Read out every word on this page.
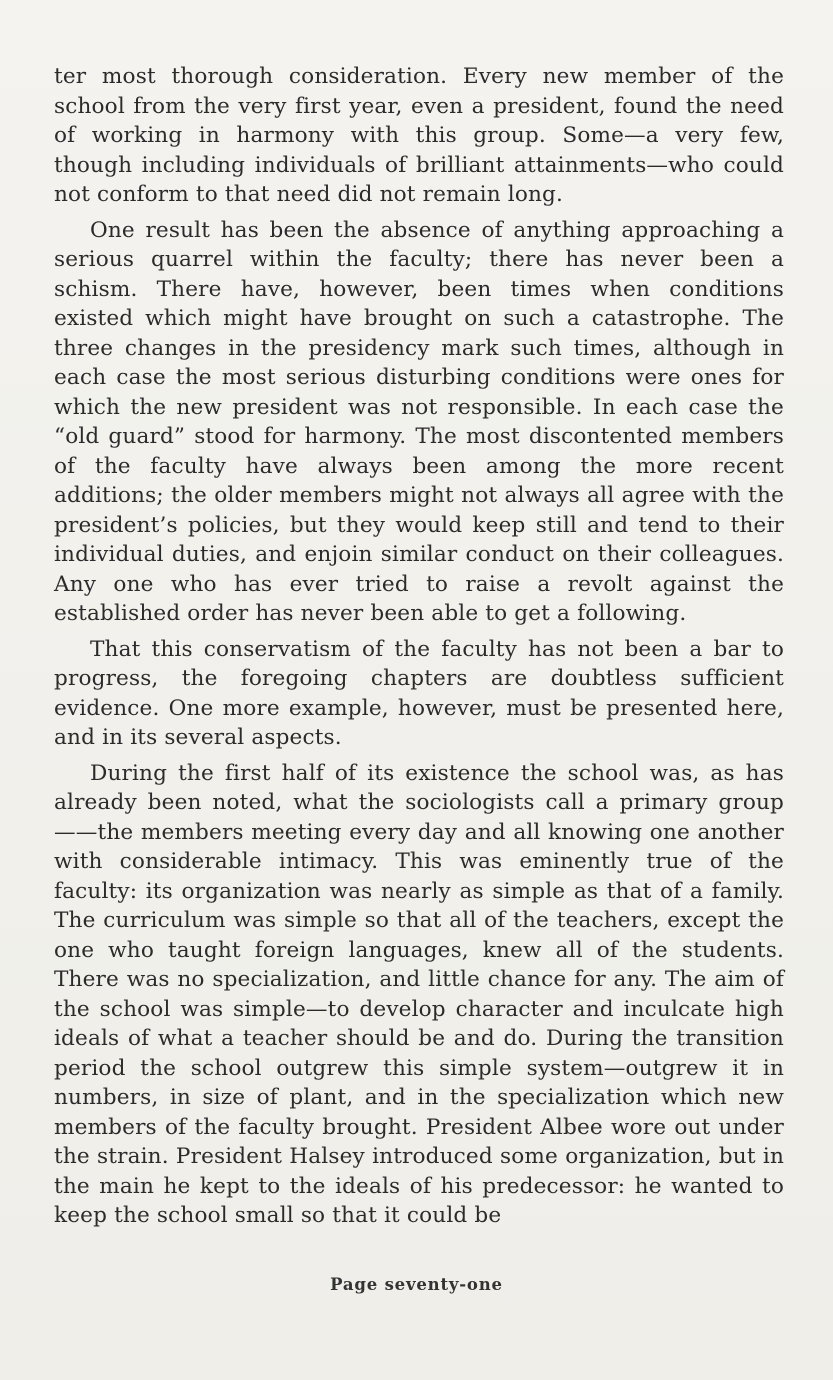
ter most thorough consideration. Every new member of the school from the very first year, even a president, found the need of working in harmony with this group. Some—a very few, though including individuals of brilliant attainments—who could not conform to that need did not remain long.

One result has been the absence of anything approaching a serious quarrel within the faculty; there has never been a schism. There have, however, been times when conditions existed which might have brought on such a catastrophe. The three changes in the presidency mark such times, although in each case the most serious disturbing conditions were ones for which the new president was not responsible. In each case the “old guard” stood for harmony. The most discontented members of the faculty have always been among the more recent additions; the older members might not always all agree with the president’s policies, but they would keep still and tend to their individual duties, and enjoin similar conduct on their colleagues. Any one who has ever tried to raise a revolt against the established order has never been able to get a following.

That this conservatism of the faculty has not been a bar to progress, the foregoing chapters are doubtless sufficient evidence. One more example, however, must be presented here, and in its several aspects.

During the first half of its existence the school was, as has already been noted, what the sociologists call a primary group——the members meeting every day and all knowing one another with considerable intimacy. This was eminently true of the faculty: its organization was nearly as simple as that of a family. The curriculum was simple so that all of the teachers, except the one who taught foreign languages, knew all of the students. There was no specialization, and little chance for any. The aim of the school was simple—to develop character and inculcate high ideals of what a teacher should be and do. During the transition period the school outgrew this simple system—outgrew it in numbers, in size of plant, and in the specialization which new members of the faculty brought. President Albee wore out under the strain. President Halsey introduced some organization, but in the main he kept to the ideals of his predecessor: he wanted to keep the school small so that it could be

Page seventy-one
